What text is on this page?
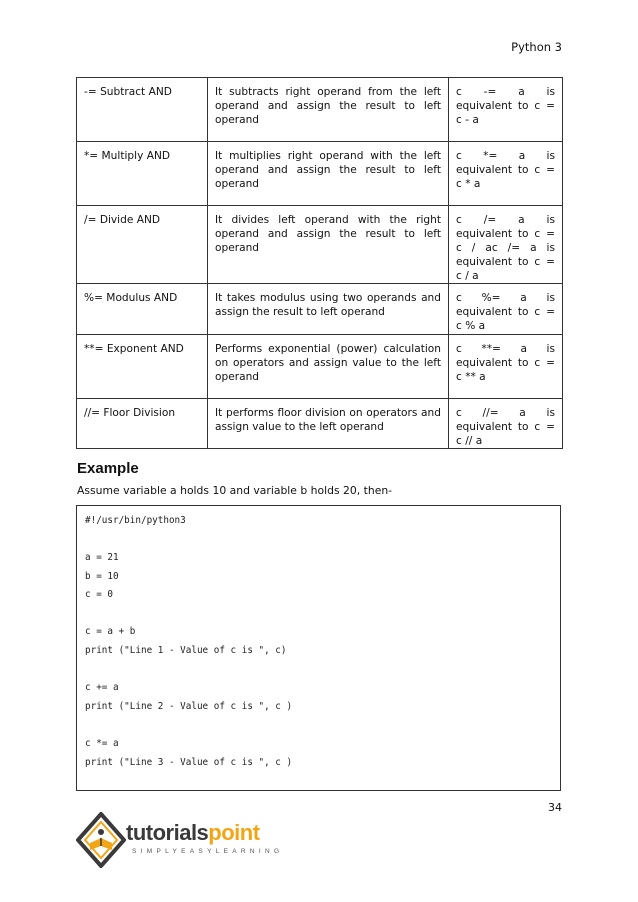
Python 3
-= Subtract AND	It subtracts right operand from the left operand and assign the result to left operand	c -= a is equivalent to c = c - a
*= Multiply AND	It multiplies right operand with the left operand and assign the result to left operand	c *= a is equivalent to c = c * a
/= Divide AND	It divides left operand with the right operand and assign the result to left operand	c /= a is equivalent to c = c / ac /= a is equivalent to c = c / a
%= Modulus AND	It takes modulus using two operands and assign the result to left operand	c %= a is equivalent to c = c % a
**= Exponent AND	Performs exponential (power) calculation on operators and assign value to the left operand	c **= a is equivalent to c = c ** a
//= Floor Division	It performs floor division on operators and assign value to the left operand	c //= a is equivalent to c = c // a
Example
Assume variable a holds 10 and variable b holds 20, then-
#!/usr/bin/python3
a = 21
b = 10
c = 0
c = a + b
print ("Line 1 - Value of c is ", c)
c += a
print ("Line 2 - Value of c is ", c )
c *= a
print ("Line 3 - Value of c is ", c )
34
tutorialspoint
SIMPLYEASYLEARNING
